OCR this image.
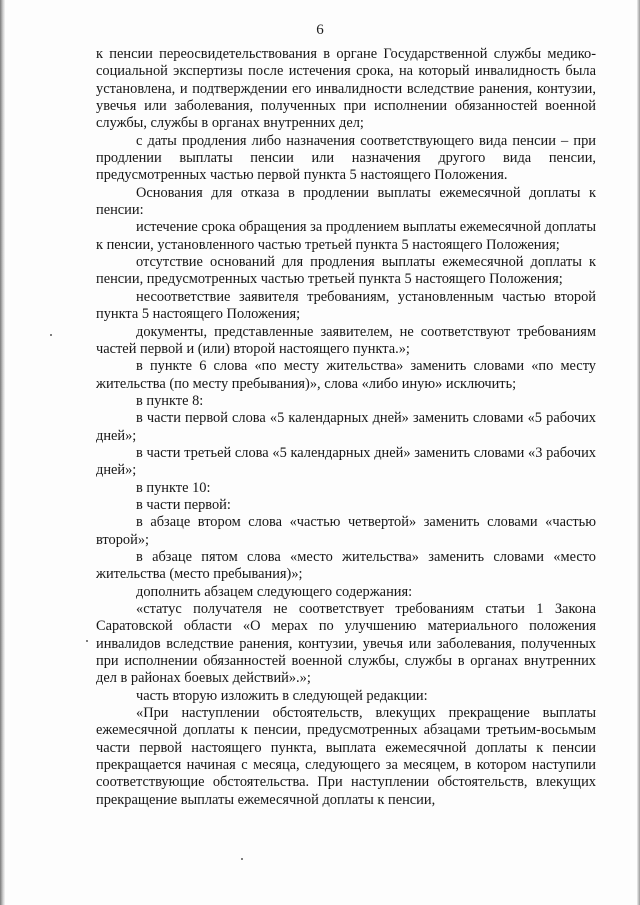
6

к пенсии переосвидетельствования в органе Государственной службы медико-социальной экспертизы после истечения срока, на который инвалидность была установлена, и подтверждении его инвалидности вследствие ранения, контузии, увечья или заболевания, полученных при исполнении обязанностей военной службы, службы в органах внутренних дел;

с даты продления либо назначения соответствующего вида пенсии – при продлении выплаты пенсии или назначения другого вида пенсии, предусмотренных частью первой пункта 5 настоящего Положения.

Основания для отказа в продлении выплаты ежемесячной доплаты к пенсии:

истечение срока обращения за продлением выплаты ежемесячной доплаты к пенсии, установленного частью третьей пункта 5 настоящего Положения;

отсутствие оснований для продления выплаты ежемесячной доплаты к пенсии, предусмотренных частью третьей пункта 5 настоящего Положения;

несоответствие заявителя требованиям, установленным частью второй пункта 5 настоящего Положения;

документы, представленные заявителем, не соответствуют требованиям частей первой и (или) второй настоящего пункта.»;

в пункте 6 слова «по месту жительства» заменить словами «по месту жительства (по месту пребывания)», слова «либо иную» исключить;

в пункте 8:

в части первой слова «5 календарных дней» заменить словами «5 рабочих дней»;

в части третьей слова «5 календарных дней» заменить словами «3 рабочих дней»;

в пункте 10:

в части первой:

в абзаце втором слова «частью четвертой» заменить словами «частью второй»;

в абзаце пятом слова «место жительства» заменить словами «место жительства (место пребывания)»;

дополнить абзацем следующего содержания:

«статус получателя не соответствует требованиям статьи 1 Закона Саратовской области «О мерах по улучшению материального положения инвалидов вследствие ранения, контузии, увечья или заболевания, полученных при исполнении обязанностей военной службы, службы в органах внутренних дел в районах боевых действий».»;

часть вторую изложить в следующей редакции:

«При наступлении обстоятельств, влекущих прекращение выплаты ежемесячной доплаты к пенсии, предусмотренных абзацами третьим-восьмым части первой настоящего пункта, выплата ежемесячной доплаты к пенсии прекращается начиная с месяца, следующего за месяцем, в котором наступили соответствующие обстоятельства. При наступлении обстоятельств, влекущих прекращение выплаты ежемесячной доплаты к пенсии,
